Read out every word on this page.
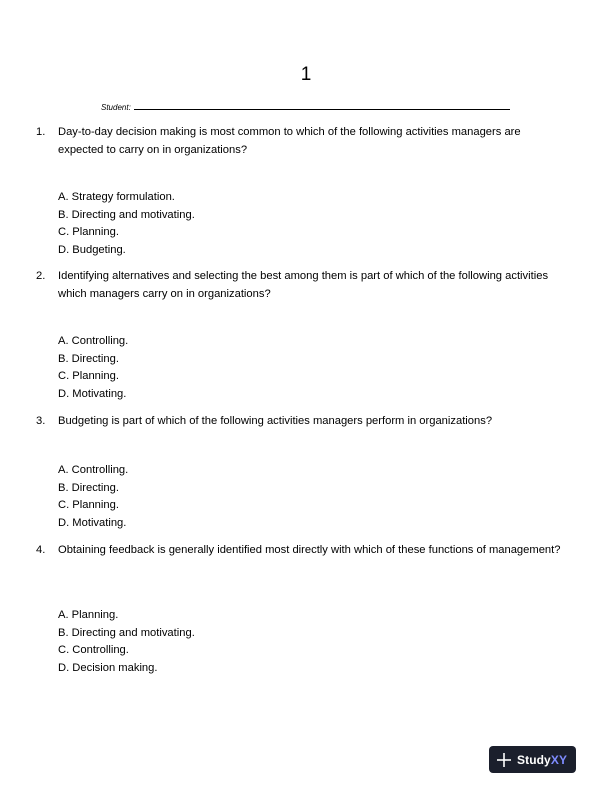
1
Student:
1.	Day-to-day decision making is most common to which of the following activities managers are expected to carry on in organizations?
A. Strategy formulation.
B. Directing and motivating.
C. Planning.
D. Budgeting.
2.	Identifying alternatives and selecting the best among them is part of which of the following activities which managers carry on in organizations?
A. Controlling.
B. Directing.
C. Planning.
D. Motivating.
3.	Budgeting is part of which of the following activities managers perform in organizations?
A. Controlling.
B. Directing.
C. Planning.
D. Motivating.
4.	Obtaining feedback is generally identified most directly with which of these functions of management?
A. Planning.
B. Directing and motivating.
C. Controlling.
D. Decision making.
StudyXY
